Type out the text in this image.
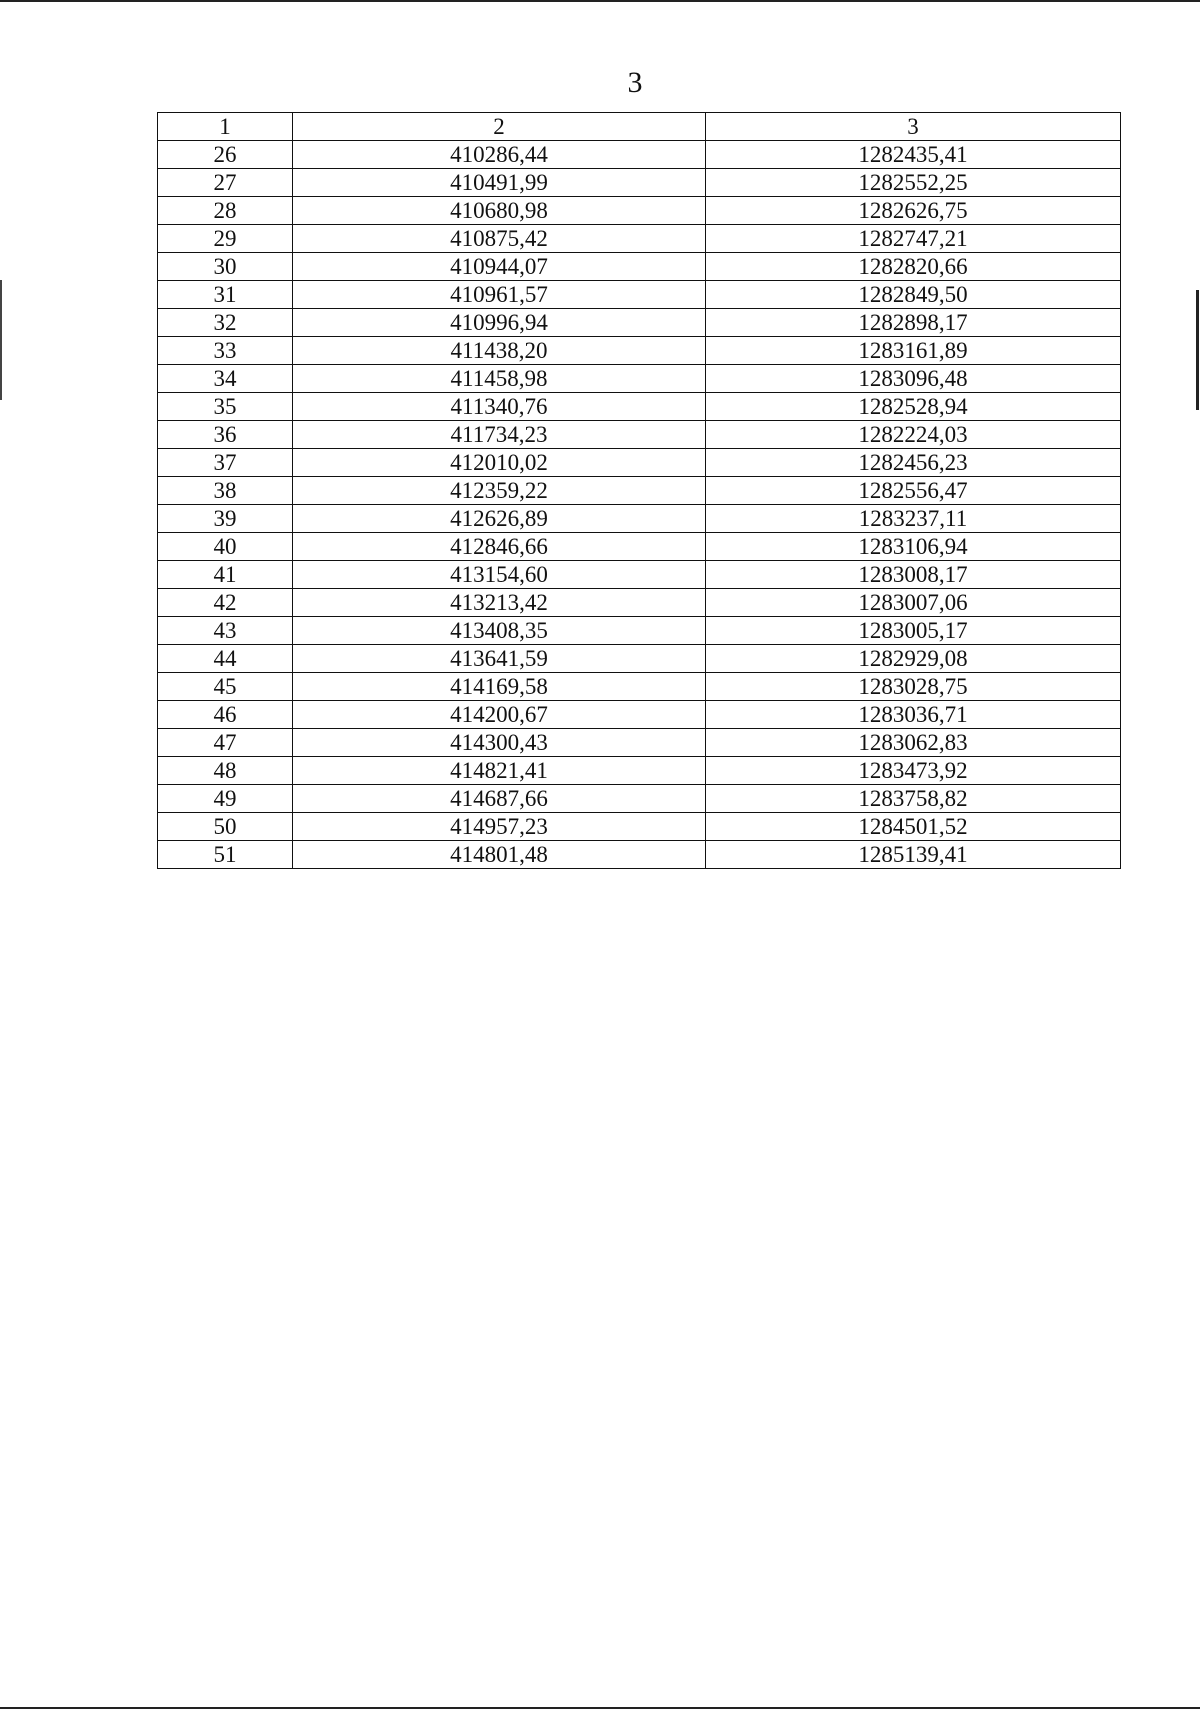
3
1	2	3
26	410286,44	1282435,41
27	410491,99	1282552,25
28	410680,98	1282626,75
29	410875,42	1282747,21
30	410944,07	1282820,66
31	410961,57	1282849,50
32	410996,94	1282898,17
33	411438,20	1283161,89
34	411458,98	1283096,48
35	411340,76	1282528,94
36	411734,23	1282224,03
37	412010,02	1282456,23
38	412359,22	1282556,47
39	412626,89	1283237,11
40	412846,66	1283106,94
41	413154,60	1283008,17
42	413213,42	1283007,06
43	413408,35	1283005,17
44	413641,59	1282929,08
45	414169,58	1283028,75
46	414200,67	1283036,71
47	414300,43	1283062,83
48	414821,41	1283473,92
49	414687,66	1283758,82
50	414957,23	1284501,52
51	414801,48	1285139,41
